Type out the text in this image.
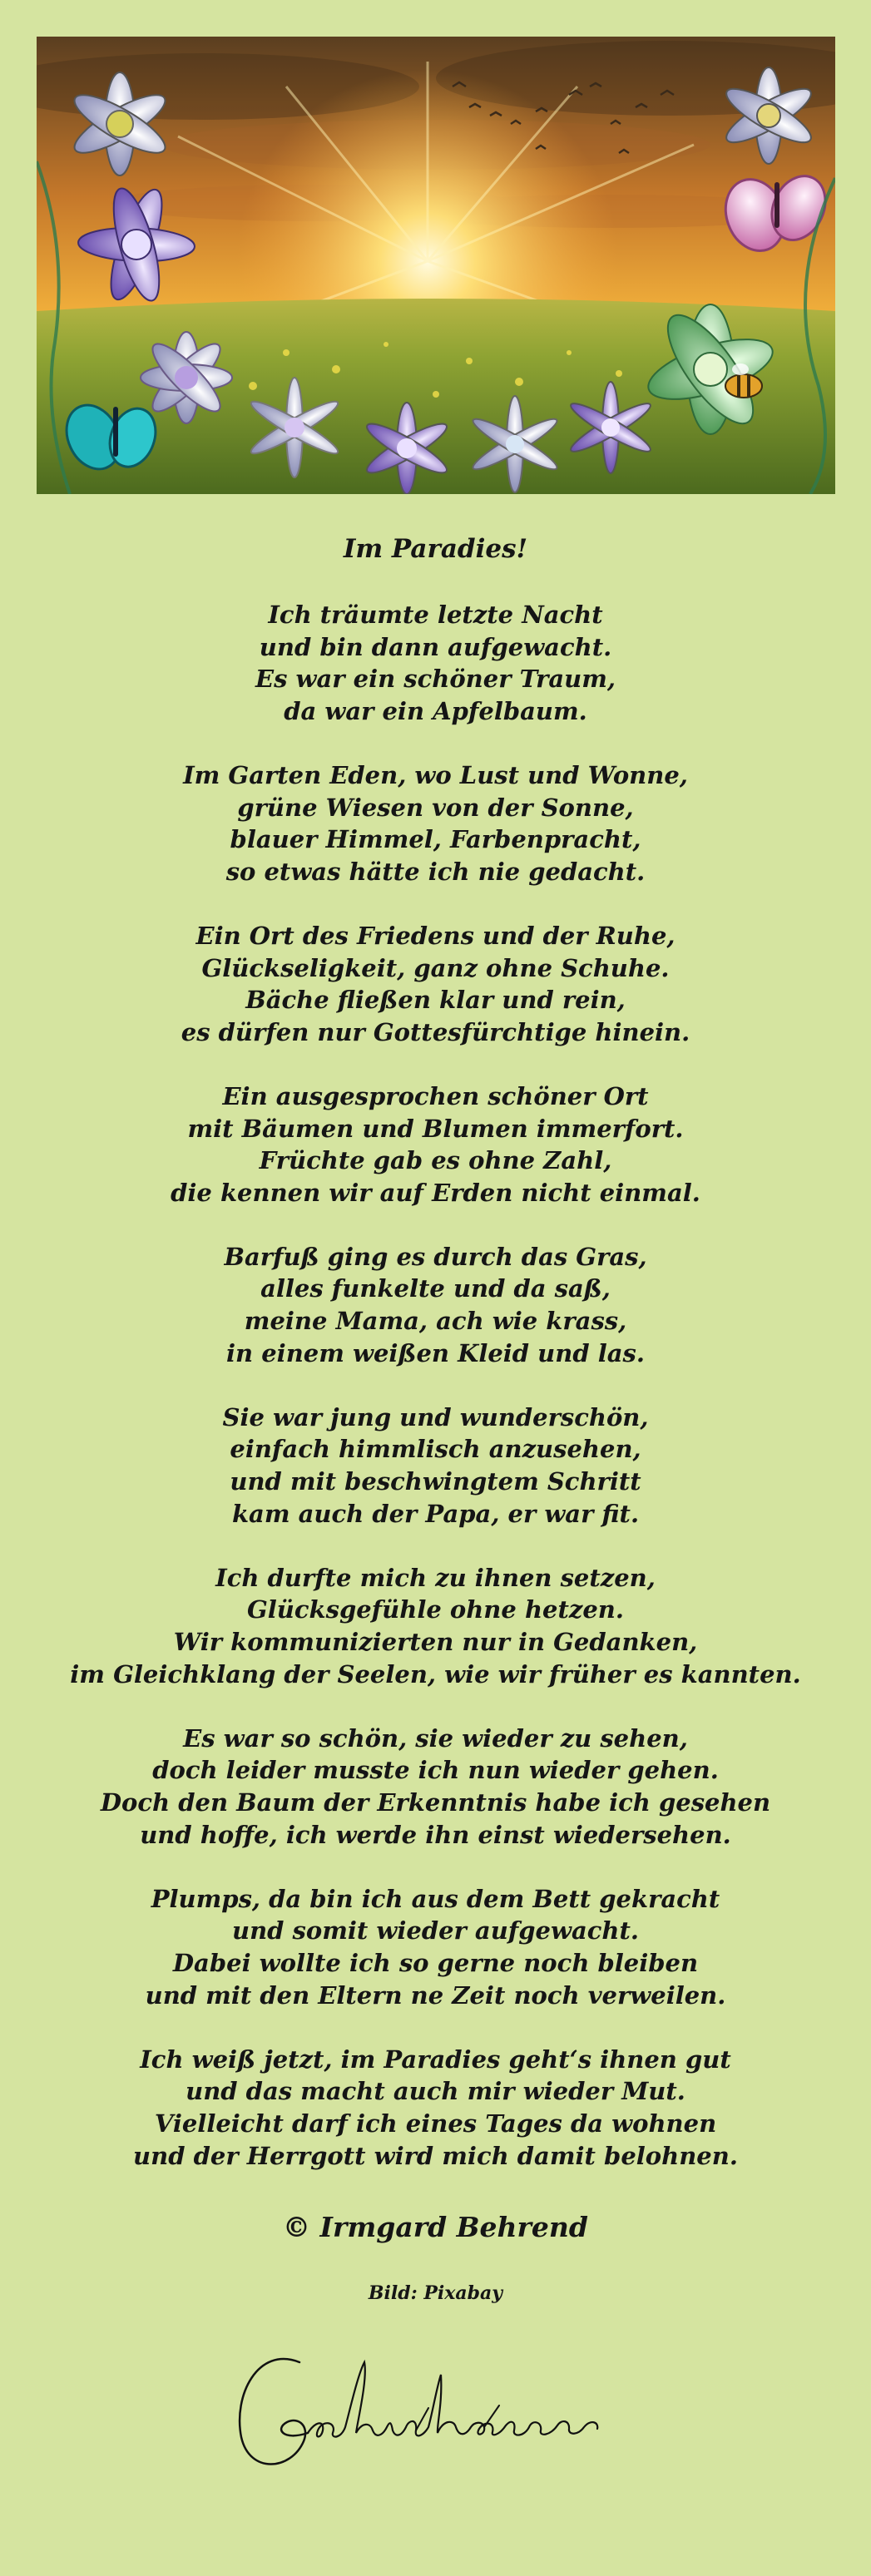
Im Paradies!
Ich träumte letzte Nacht
und bin dann aufgewacht.
Es war ein schöner Traum,
da war ein Apfelbaum.
Im Garten Eden, wo Lust und Wonne,
grüne Wiesen von der Sonne,
blauer Himmel, Farbenpracht,
so etwas hätte ich nie gedacht.
Ein Ort des Friedens und der Ruhe,
Glückseligkeit, ganz ohne Schuhe.
Bäche fließen klar und rein,
es dürfen nur Gottesfürchtige hinein.
Ein ausgesprochen schöner Ort
mit Bäumen und Blumen immerfort.
Früchte gab es ohne Zahl,
die kennen wir auf Erden nicht einmal.
Barfuß ging es durch das Gras,
alles funkelte und da saß,
meine Mama, ach wie krass,
in einem weißen Kleid und las.
Sie war jung und wunderschön,
einfach himmlisch anzusehen,
und mit beschwingtem Schritt
kam auch der Papa, er war fit.
Ich durfte mich zu ihnen setzen,
Glücksgefühle ohne hetzen.
Wir kommunizierten nur in Gedanken,
im Gleichklang der Seelen, wie wir früher es kannten.
Es war so schön, sie wieder zu sehen,
doch leider musste ich nun wieder gehen.
Doch den Baum der Erkenntnis habe ich gesehen
und hoffe, ich werde ihn einst wiedersehen.
Plumps, da bin ich aus dem Bett gekracht
und somit wieder aufgewacht.
Dabei wollte ich so gerne noch bleiben
und mit den Eltern ne Zeit noch verweilen.
Ich weiß jetzt, im Paradies geht‘s ihnen gut
und das macht auch mir wieder Mut.
Vielleicht darf ich eines Tages da wohnen
und der Herrgott wird mich damit belohnen.
© Irmgard Behrend
Bild: Pixabay
